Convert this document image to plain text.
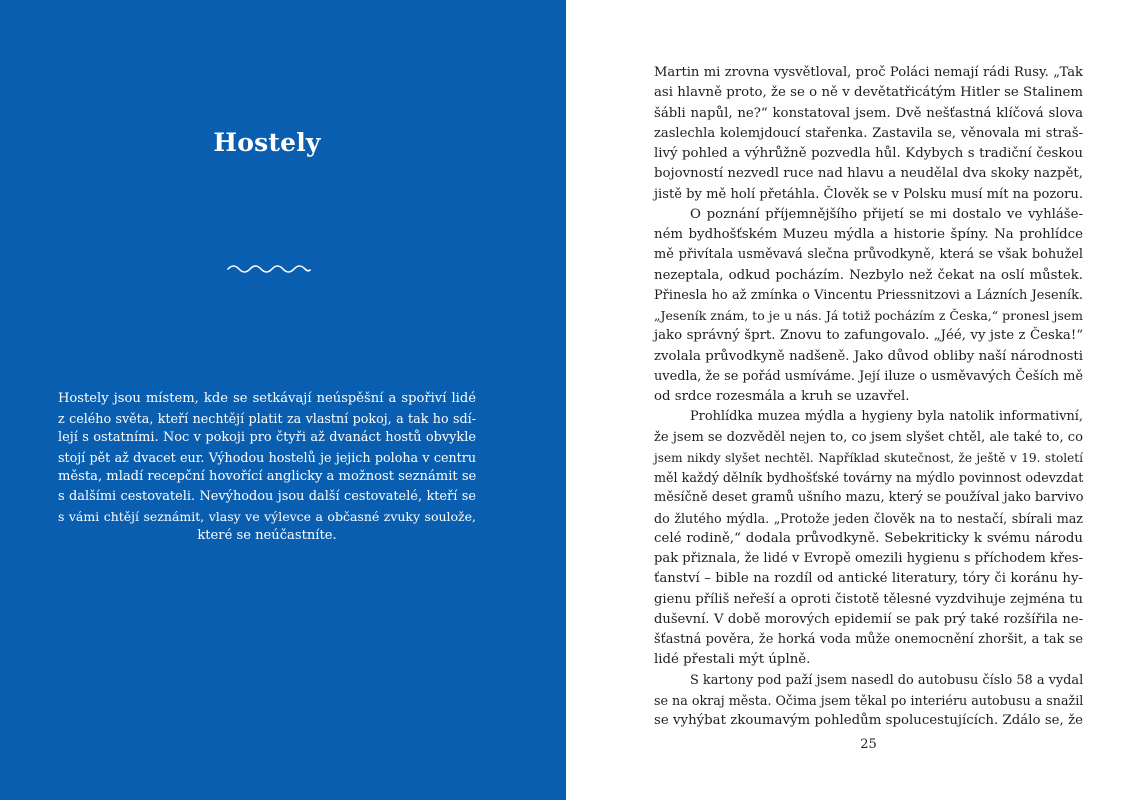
Hostely
Hostely jsou místem, kde se setkávají neúspěšní a spořiví lidé
z celého světa, kteří nechtějí platit za vlastní pokoj, a tak ho sdí-
lejí s ostatními. Noc v pokoji pro čtyři až dvanáct hostů obvykle
stojí pět až dvacet eur. Výhodou hostelů je jejich poloha v centru
města, mladí recepční hovořící anglicky a možnost seznámit se
s dalšími cestovateli. Nevýhodou jsou další cestovatelé, kteří se
s vámi chtějí seznámit, vlasy ve výlevce a občasné zvuky soulože,
které se neúčastníte.
Martin mi zrovna vysvětloval, proč Poláci nemají rádi Rusy. „Tak
asi hlavně proto, že se o ně v devětatřicátým Hitler se Stalinem
šábli napůl, ne?“ konstatoval jsem. Dvě nešťastná klíčová slova
zaslechla kolemjdoucí stařenka. Zastavila se, věnovala mi straš-
livý pohled a výhrůžně pozvedla hůl. Kdybych s tradiční českou
bojovností nezvedl ruce nad hlavu a neudělal dva skoky nazpět,
jistě by mě holí přetáhla. Člověk se v Polsku musí mít na pozoru.
O poznání příjemnějšího přijetí se mi dostalo ve vyhláše-
ném bydhošťském Muzeu mýdla a historie špíny. Na prohlídce
mě přivítala usměvavá slečna průvodkyně, která se však bohužel
nezeptala, odkud pocházím. Nezbylo než čekat na oslí můstek.
Přinesla ho až zmínka o Vincentu Priessnitzovi a Lázních Jeseník.
„Jeseník znám, to je u nás. Já totiž pocházím z Česka,“ pronesl jsem
jako správný šprt. Znovu to zafungovalo. „Jéé, vy jste z Česka!“
zvolala průvodkyně nadšeně. Jako důvod obliby naší národnosti
uvedla, že se pořád usmíváme. Její iluze o usměvavých Češích mě
od srdce rozesmála a kruh se uzavřel.
Prohlídka muzea mýdla a hygieny byla natolik informativní,
že jsem se dozvěděl nejen to, co jsem slyšet chtěl, ale také to, co
jsem nikdy slyšet nechtěl. Například skutečnost, že ještě v 19. století
měl každý dělník bydhošťské továrny na mýdlo povinnost odevzdat
měsíčně deset gramů ušního mazu, který se používal jako barvivo
do žlutého mýdla. „Protože jeden člověk na to nestačí, sbírali maz
celé rodině,“ dodala průvodkyně. Sebekriticky k svému národu
pak přiznala, že lidé v Evropě omezili hygienu s příchodem křes-
ťanství – bible na rozdíl od antické literatury, tóry či koránu hy-
gienu příliš neřeší a oproti čistotě tělesné vyzdvihuje zejména tu
duševní. V době morových epidemií se pak prý také rozšířila ne-
šťastná pověra, že horká voda může onemocnění zhoršit, a tak se
lidé přestali mýt úplně.
S kartony pod paží jsem nasedl do autobusu číslo 58 a vydal
se na okraj města. Očima jsem těkal po interiéru autobusu a snažil
se vyhýbat zkoumavým pohledům spolucestujících. Zdálo se, že
25
